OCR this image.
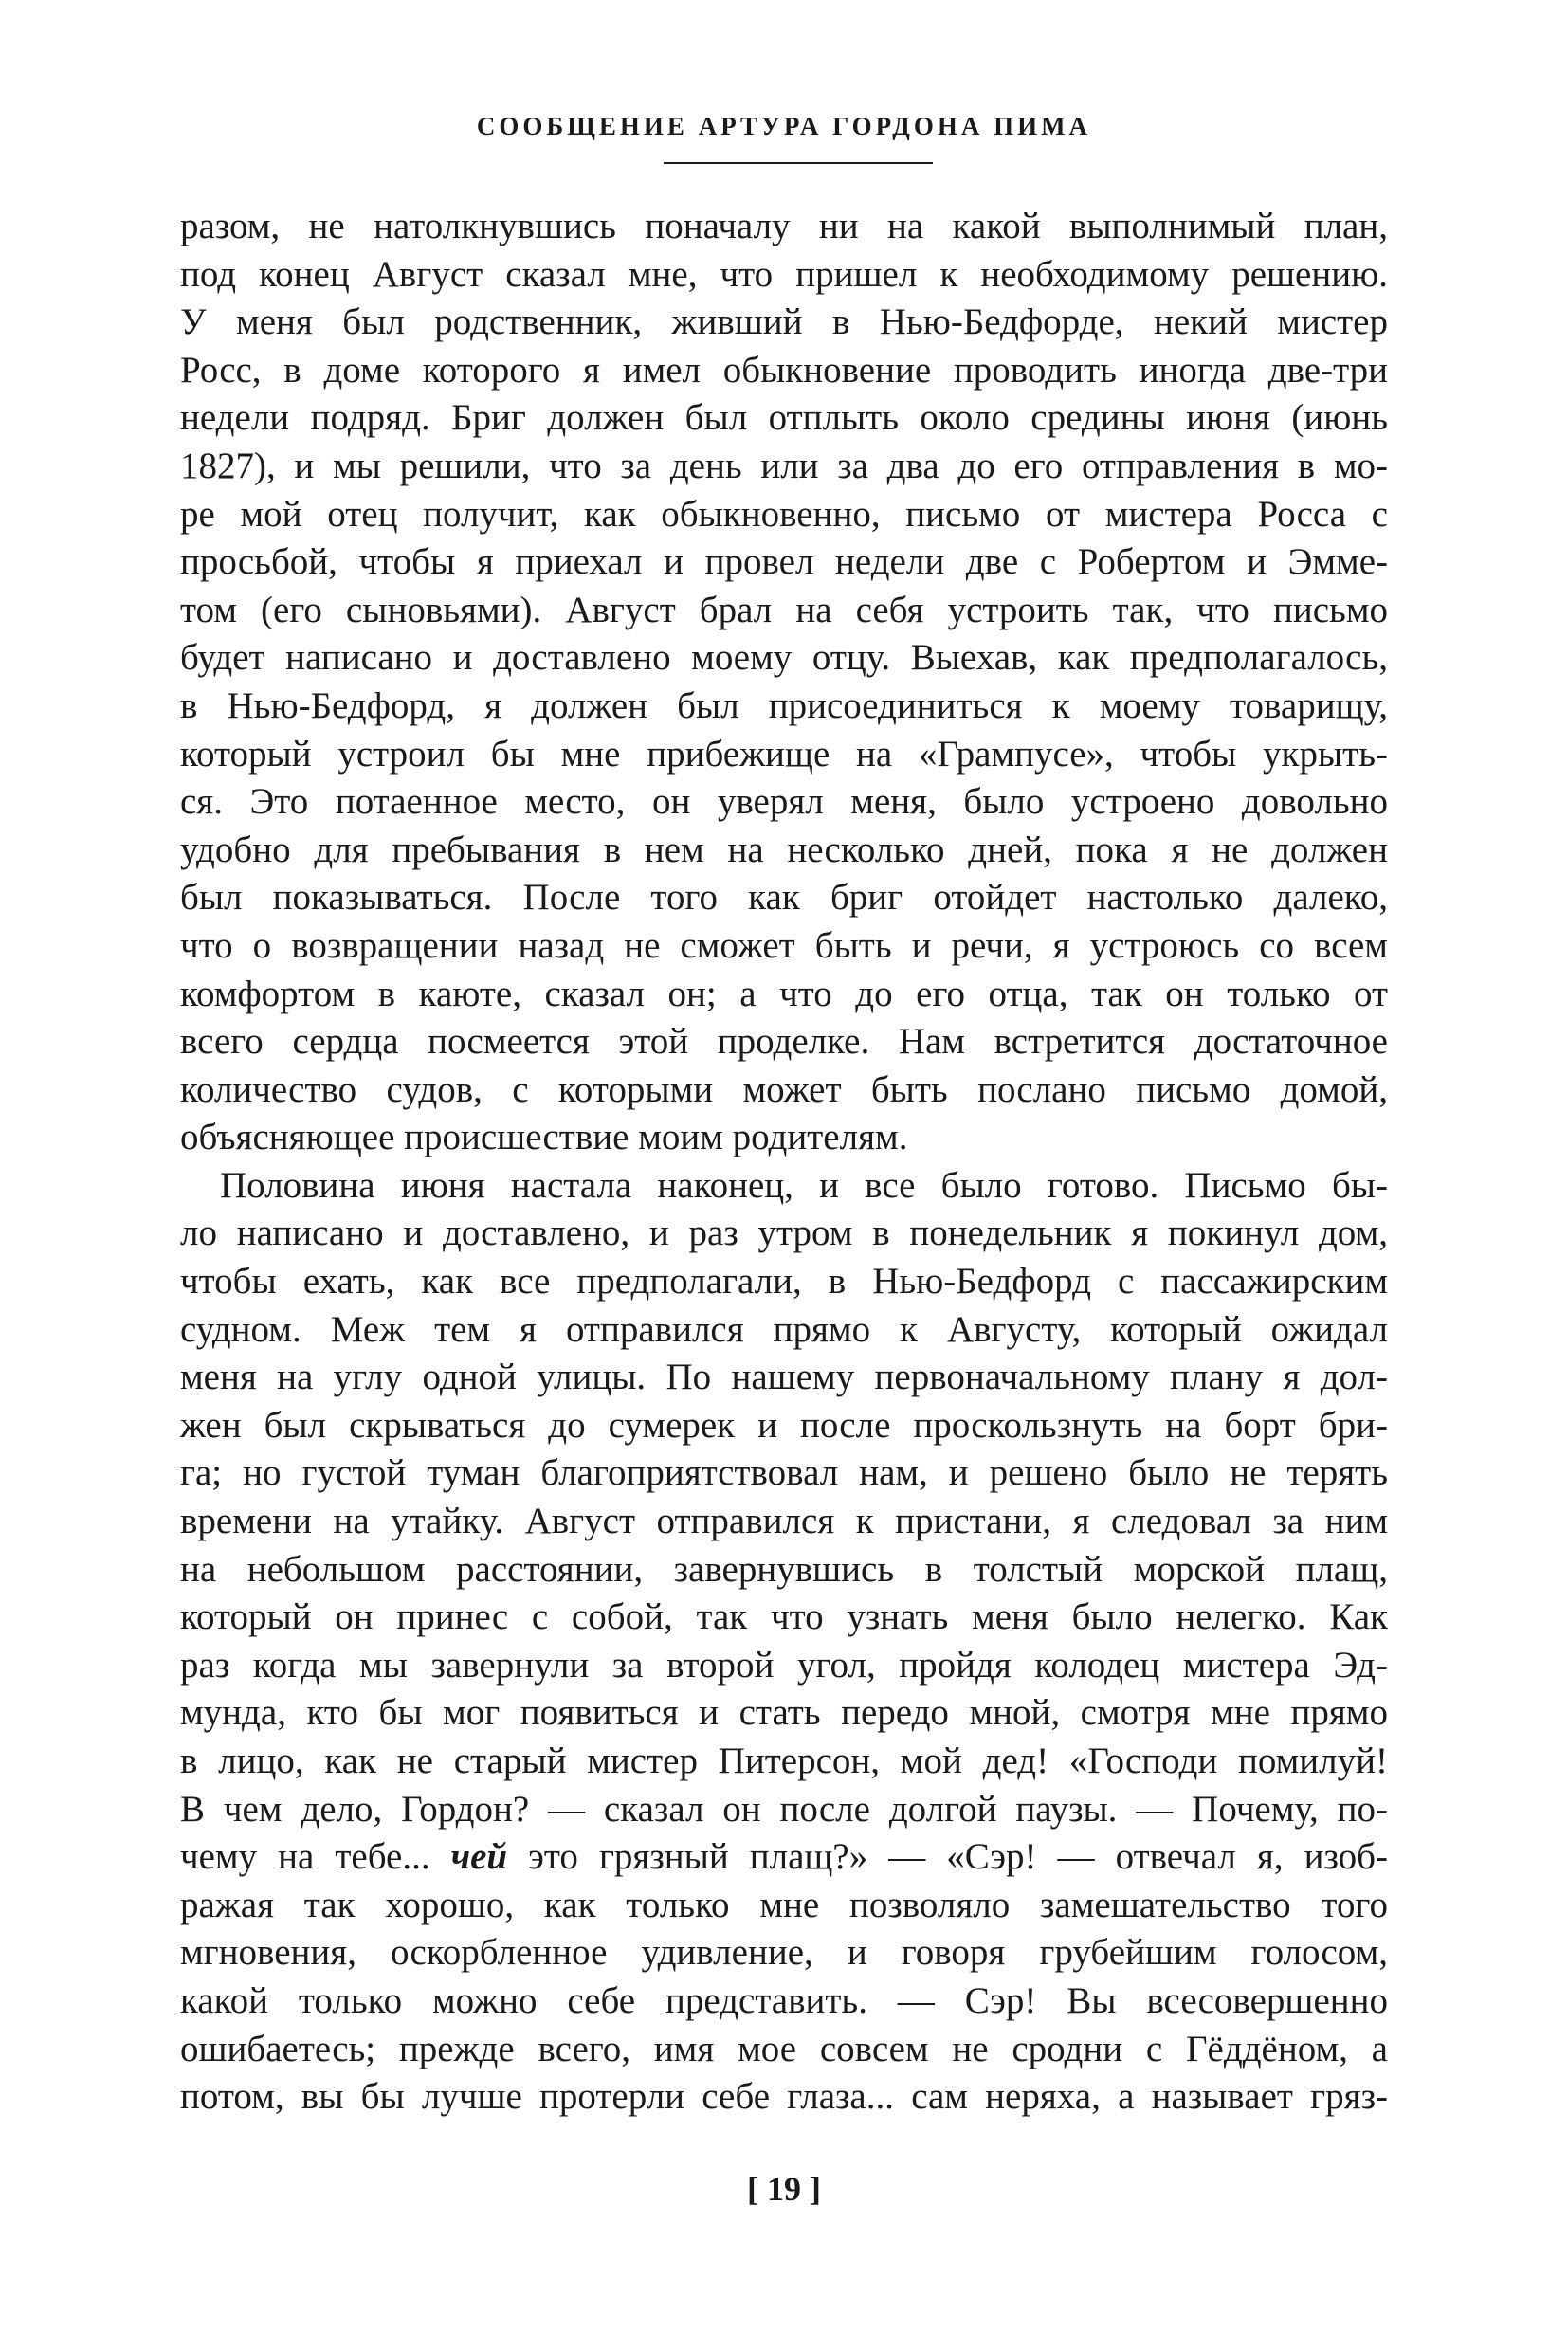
СООБЩЕНИЕ АРТУРА ГОРДОНА ПИМА
разом, не натолкнувшись поначалу ни на какой выполнимый план,
под конец Август сказал мне, что пришел к необходимому решению.
У меня был родственник, живший в Нью-Бедфорде, некий мистер
Росс, в доме которого я имел обыкновение проводить иногда две-три
недели подряд. Бриг должен был отплыть около средины июня (июнь
1827), и мы решили, что за день или за два до его отправления в мо-
ре мой отец получит, как обыкновенно, письмо от мистера Росса с
просьбой, чтобы я приехал и провел недели две с Робертом и Эмме-
том (его сыновьями). Август брал на себя устроить так, что письмо
будет написано и доставлено моему отцу. Выехав, как предполагалось,
в Нью-Бедфорд, я должен был присоединиться к моему товарищу,
который устроил бы мне прибежище на «Грампусе», чтобы укрыть-
ся. Это потаенное место, он уверял меня, было устроено довольно
удобно для пребывания в нем на несколько дней, пока я не должен
был показываться. После того как бриг отойдет настолько далеко,
что о возвращении назад не сможет быть и речи, я устроюсь со всем
комфортом в каюте, сказал он; а что до его отца, так он только от
всего сердца посмеется этой проделке. Нам встретится достаточное
количество судов, с которыми может быть послано письмо домой,
объясняющее происшествие моим родителям.
Половина июня настала наконец, и все было готово. Письмо бы-
ло написано и доставлено, и раз утром в понедельник я покинул дом,
чтобы ехать, как все предполагали, в Нью-Бедфорд с пассажирским
судном. Меж тем я отправился прямо к Августу, который ожидал
меня на углу одной улицы. По нашему первоначальному плану я дол-
жен был скрываться до сумерек и после проскользнуть на борт бри-
га; но густой туман благоприятствовал нам, и решено было не терять
времени на утайку. Август отправился к пристани, я следовал за ним
на небольшом расстоянии, завернувшись в толстый морской плащ,
который он принес с собой, так что узнать меня было нелегко. Как
раз когда мы завернули за второй угол, пройдя колодец мистера Эд-
мунда, кто бы мог появиться и стать передо мной, смотря мне прямо
в лицо, как не старый мистер Питерсон, мой дед! «Господи помилуй!
В чем дело, Гордон? — сказал он после долгой паузы. — Почему, по-
чему на тебе... чей это грязный плащ?» — «Сэр! — отвечал я, изоб-
ражая так хорошо, как только мне позволяло замешательство того
мгновения, оскорбленное удивление, и говоря грубейшим голосом,
какой только можно себе представить. — Сэр! Вы всесовершенно
ошибаетесь; прежде всего, имя мое совсем не сродни с Гёддёном, а
потом, вы бы лучше протерли себе глаза... сам неряха, а называет гряз-
[ 19 ]
